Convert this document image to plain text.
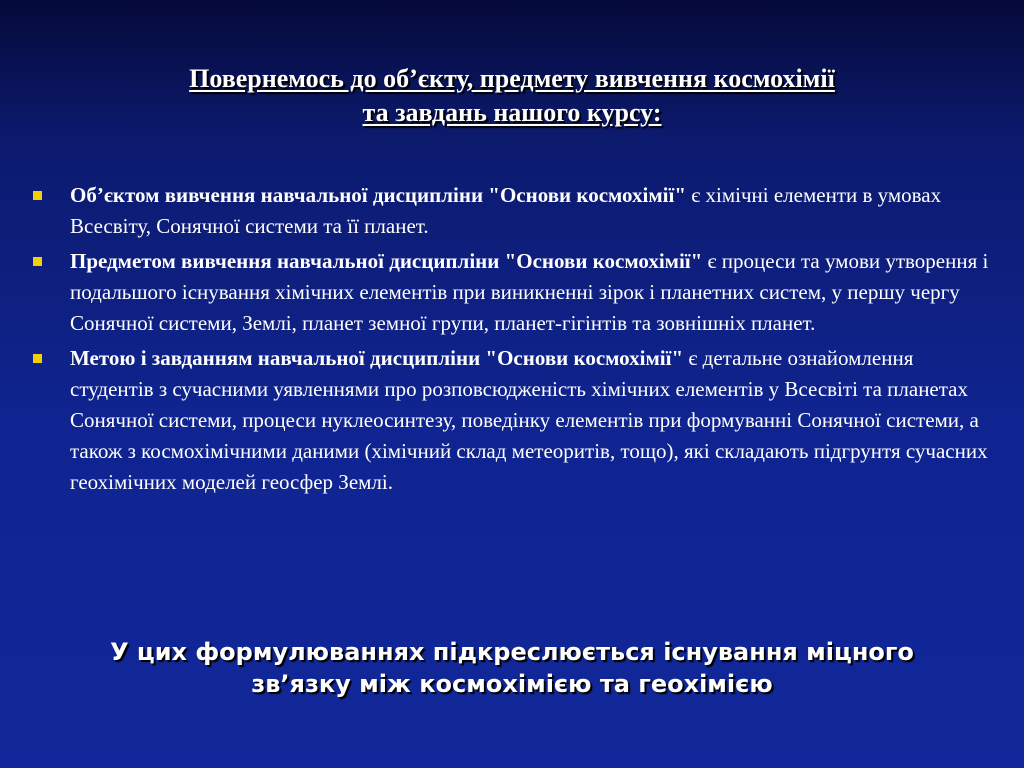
Повернемось до об’єкту, предмету вивчення космохімії
та завдань нашого курсу:
Об’єктом вивчення навчальної дисципліни "Основи космохімії" є хімічні елементи в умовах Всесвіту, Сонячної системи та її планет.
Предметом вивчення навчальної дисципліни "Основи космохімії" є процеси та умови утворення і подальшого існування хімічних елементів при виникненні зірок і планетних систем, у першу чергу Сонячної системи, Землі, планет земної групи, планет-гігінтів та зовнішніх планет.
Метою і завданням навчальної дисципліни "Основи космохімії" є детальне ознайомлення студентів з сучасними уявленнями про розповсюдженість хімічних елементів у Всесвіті та планетах Сонячної системи, процеси нуклеосинтезу, поведінку елементів при формуванні Сонячної системи, а також з космохімічними даними (хімічний склад метеоритів, тощо), які складають підгрунтя сучасних геохімічних моделей геосфер Землі.
У цих формулюваннях підкреслюється існування міцного
зв’язку між космохімією та геохімією
